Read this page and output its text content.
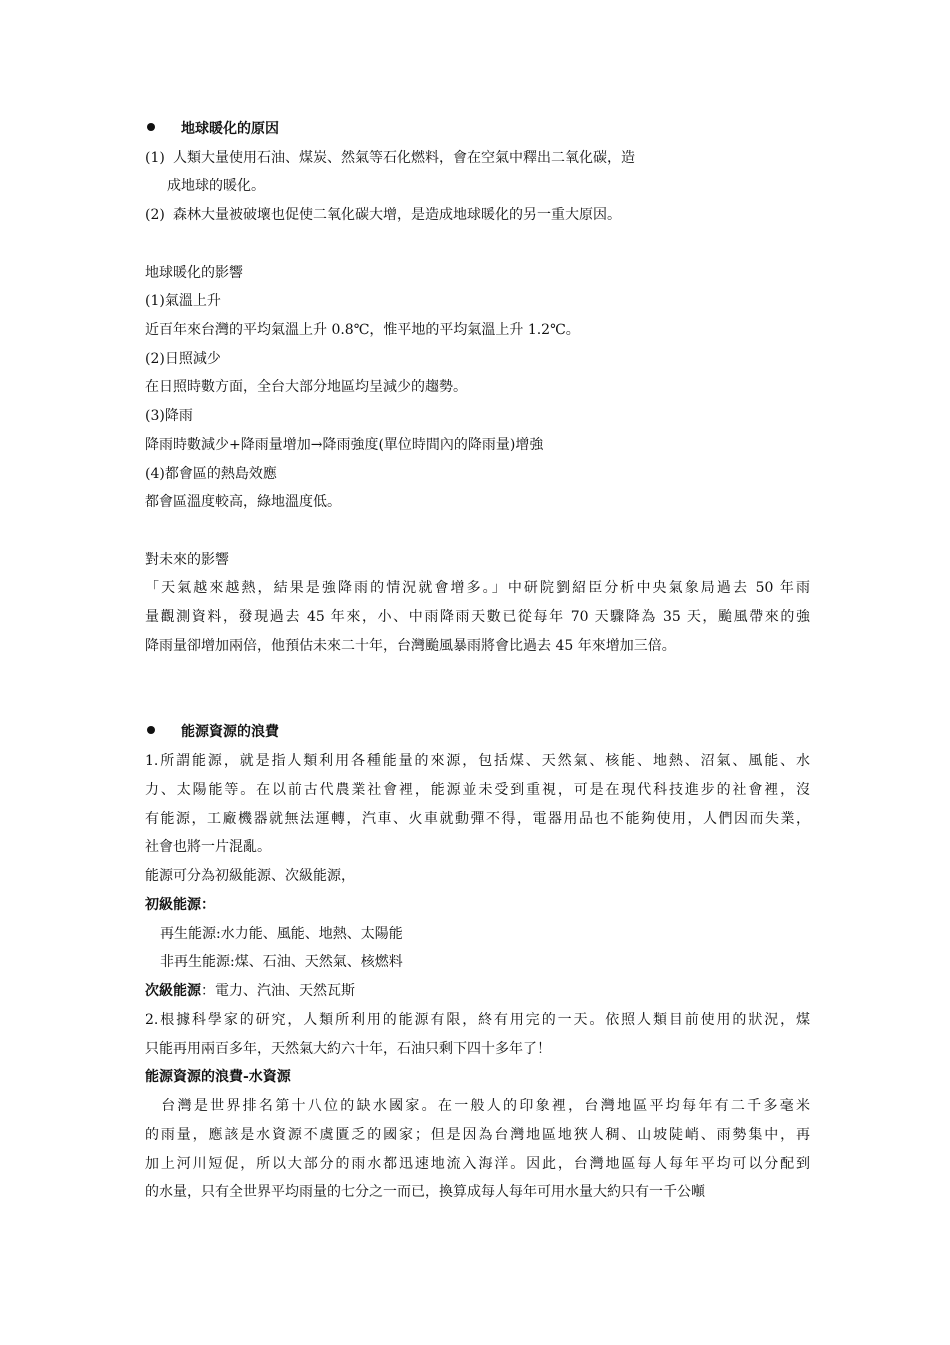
地球暖化的原因
(1) 人類大量使用石油、煤炭、然氣等石化燃料，會在空氣中釋出二氧化碳，造
成地球的暖化。
(2) 森林大量被破壞也促使二氧化碳大增，是造成地球暖化的另一重大原因。
地球暖化的影響
(1)氣溫上升
近百年來台灣的平均氣溫上升 0.8℃，惟平地的平均氣溫上升 1.2℃。
(2)日照減少
在日照時數方面，全台大部分地區均呈減少的趨勢。
(3)降雨
降雨時數減少+降雨量增加→降雨強度(單位時間內的降雨量)增強
(4)都會區的熱島效應
都會區溫度較高，綠地溫度低。
對未來的影響
「天氣越來越熱，結果是強降雨的情況就會增多。」中研院劉紹臣分析中央氣象局過去 50 年雨
量觀測資料，發現過去 45 年來，小、中雨降雨天數已從每年 70 天驟降為 35 天，颱風帶來的強
降雨量卻增加兩倍，他預估未來二十年，台灣颱風暴雨將會比過去 45 年來增加三倍。
能源資源的浪費
1.所謂能源，就是指人類利用各種能量的來源，包括煤、天然氣、核能、地熱、沼氣、風能、水
力、太陽能等。在以前古代農業社會裡，能源並未受到重視，可是在現代科技進步的社會裡，沒
有能源，工廠機器就無法運轉，汽車、火車就動彈不得，電器用品也不能夠使用，人們因而失業，
社會也將一片混亂。
能源可分為初級能源、次級能源，
初級能源：
再生能源:水力能、風能、地熱、太陽能
非再生能源:煤、石油、天然氣、核燃料
次級能源：電力、汽油、天然瓦斯
2.根據科學家的研究，人類所利用的能源有限，終有用完的一天。依照人類目前使用的狀況，煤
只能再用兩百多年，天然氣大約六十年，石油只剩下四十多年了！
能源資源的浪費-水資源
　台灣是世界排名第十八位的缺水國家。在一般人的印象裡，台灣地區平均每年有二千多毫米
的雨量，應該是水資源不虞匱乏的國家；但是因為台灣地區地狹人稠、山坡陡峭、雨勢集中，再
加上河川短促，所以大部分的雨水都迅速地流入海洋。因此，台灣地區每人每年平均可以分配到
的水量，只有全世界平均雨量的七分之一而已，換算成每人每年可用水量大約只有一千公噸
